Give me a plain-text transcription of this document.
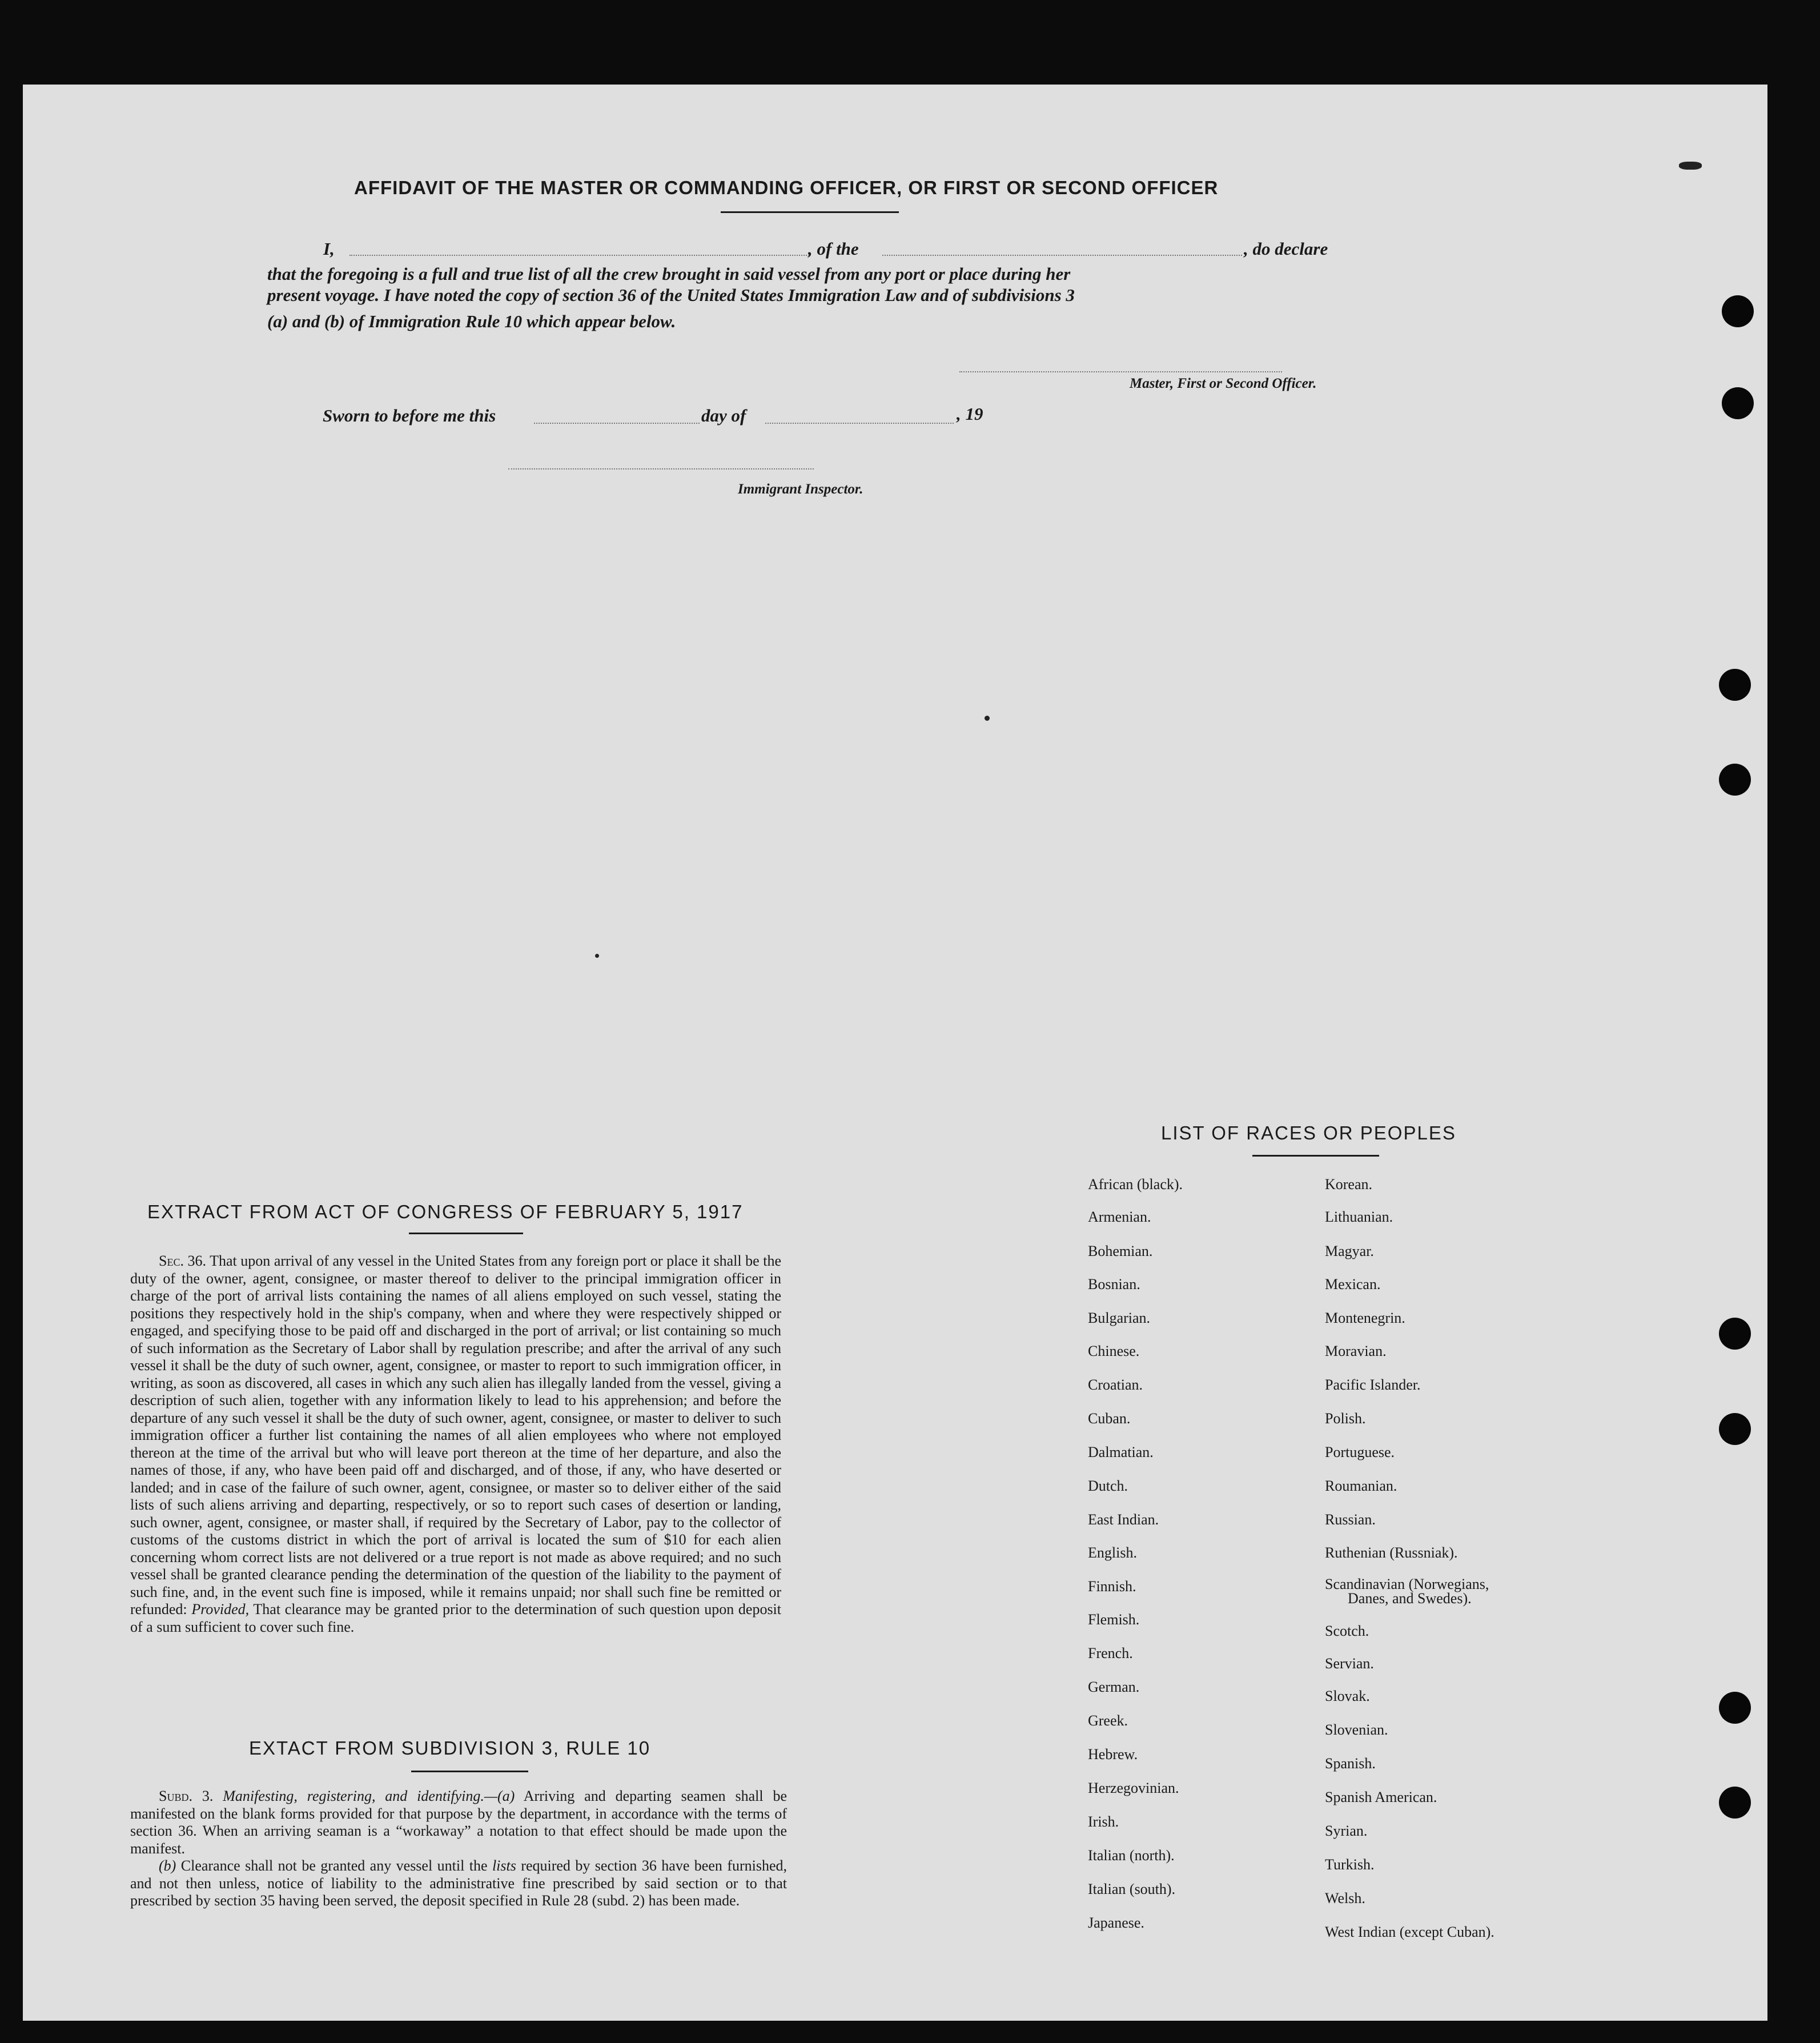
AFFIDAVIT OF THE MASTER OR COMMANDING OFFICER, OR FIRST OR SECOND OFFICER
I,	, of the	, do declare
that the foregoing is a full and true list of all the crew brought in said vessel from any port or place during her
present voyage. I have noted the copy of section 36 of the United States Immigration Law and of subdivisions 3
(a) and (b) of Immigration Rule 10 which appear below.
Master, First or Second Officer.
Sworn to before me this	day of	, 19
Immigrant Inspector.
EXTRACT FROM ACT OF CONGRESS OF FEBRUARY 5, 1917

Sec. 36. That upon arrival of any vessel in the United States from any foreign port or place it shall be the duty of the owner, agent, consignee, or master thereof to deliver to the principal immigration officer in charge of the port of arrival lists containing the names of all aliens employed on such vessel, stating the positions they respectively hold in the ship's company, when and where they were respectively shipped or engaged, and specifying those to be paid off and discharged in the port of arrival; or list containing so much of such information as the Secretary of Labor shall by regulation prescribe; and after the arrival of any such vessel it shall be the duty of such owner, agent, consignee, or master to report to such immigration officer, in writing, as soon as discovered, all cases in which any such alien has illegally landed from the vessel, giving a description of such alien, together with any information likely to lead to his apprehension; and before the departure of any such vessel it shall be the duty of such owner, agent, consignee, or master to deliver to such immigration officer a further list containing the names of all alien employees who where not employed thereon at the time of the arrival but who will leave port thereon at the time of her departure, and also the names of those, if any, who have been paid off and discharged, and of those, if any, who have deserted or landed; and in case of the failure of such owner, agent, consignee, or master so to deliver either of the said lists of such aliens arriving and departing, respectively, or so to report such cases of desertion or landing, such owner, agent, consignee, or master shall, if required by the Secretary of Labor, pay to the collector of customs of the customs district in which the port of arrival is located the sum of $10 for each alien concerning whom correct lists are not delivered or a true report is not made as above required; and no such vessel shall be granted clearance pending the determination of the question of the liability to the payment of such fine, and, in the event such fine is imposed, while it remains unpaid; nor shall such fine be remitted or refunded: Provided, That clearance may be granted prior to the determination of such question upon deposit of a sum sufficient to cover such fine.

EXTACT FROM SUBDIVISION 3, RULE 10

Subd. 3. Manifesting, registering, and identifying.—(a) Arriving and departing seamen shall be manifested on the blank forms provided for that purpose by the department, in accordance with the terms of section 36. When an arriving seaman is a “workaway” a notation to that effect should be made upon the manifest.

(b) Clearance shall not be granted any vessel until the lists required by section 36 have been furnished, and not then unless, notice of liability to the administrative fine prescribed by said section or to that prescribed by section 35 having been served, the deposit specified in Rule 28 (subd. 2) has been made.

LIST OF RACES OR PEOPLES
African (black).
Armenian.
Bohemian.
Bosnian.
Bulgarian.
Chinese.
Croatian.
Cuban.
Dalmatian.
Dutch.
East Indian.
English.
Finnish.
Flemish.
French.
German.
Greek.
Hebrew.
Herzegovinian.
Irish.
Italian (north).
Italian (south).
Japanese.
Korean.
Lithuanian.
Magyar.
Mexican.
Montenegrin.
Moravian.
Pacific Islander.
Polish.
Portuguese.
Roumanian.
Russian.
Ruthenian (Russniak).
Scandinavian (Norwegians,
Danes, and Swedes).
Scotch.
Servian.
Slovak.
Slovenian.
Spanish.
Spanish American.
Syrian.
Turkish.
Welsh.
West Indian (except Cuban).
